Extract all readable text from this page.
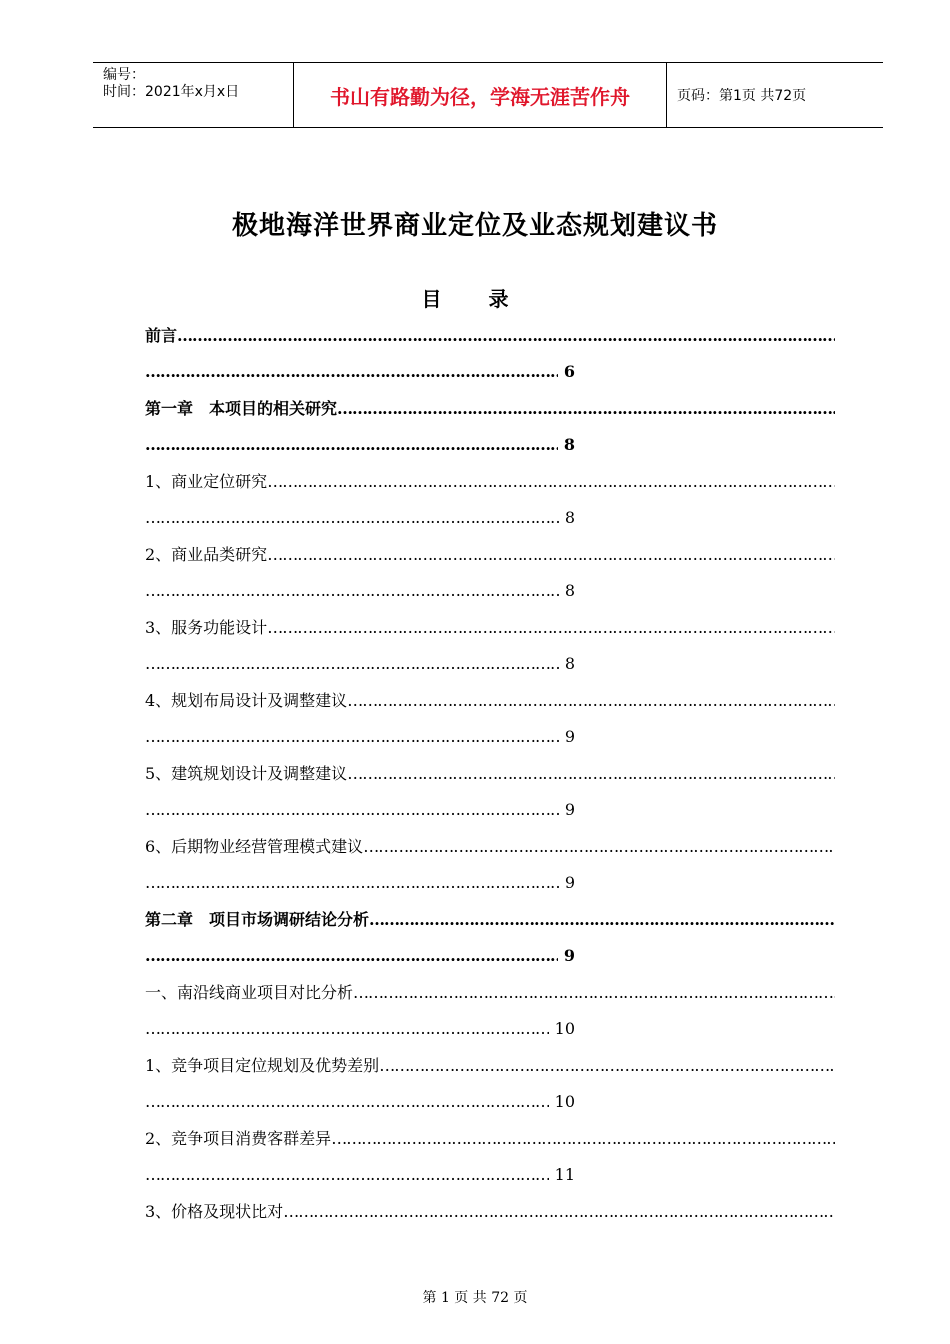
编号：
时间：2021年x月x日	书山有路勤为径，学海无涯苦作舟	页码：第1页 共72页
极地海洋世界商业定位及业态规划建议书
目 录
前言
………………………………………………………………………………………………………………………………………………………
………………………………………………………………………………………………………………………………………………………
6
第一章　本项目的相关研究
………………………………………………………………………………………………………………………………………………………
………………………………………………………………………………………………………………………………………………………
8
1、商业定位研究
………………………………………………………………………………………………………………………………………………………
………………………………………………………………………………………………………………………………………………………
8
2、商业品类研究
………………………………………………………………………………………………………………………………………………………
………………………………………………………………………………………………………………………………………………………
8
3、服务功能设计
………………………………………………………………………………………………………………………………………………………
………………………………………………………………………………………………………………………………………………………
8
4、规划布局设计及调整建议
………………………………………………………………………………………………………………………………………………………
………………………………………………………………………………………………………………………………………………………
9
5、建筑规划设计及调整建议
………………………………………………………………………………………………………………………………………………………
………………………………………………………………………………………………………………………………………………………
9
6、后期物业经营管理模式建议
………………………………………………………………………………………………………………………………………………………
………………………………………………………………………………………………………………………………………………………
9
第二章　项目市场调研结论分析
………………………………………………………………………………………………………………………………………………………
………………………………………………………………………………………………………………………………………………………
9
一、南沿线商业项目对比分析
………………………………………………………………………………………………………………………………………………………
………………………………………………………………………………………………………………………………………………………
10
1、竞争项目定位规划及优势差别
………………………………………………………………………………………………………………………………………………………
………………………………………………………………………………………………………………………………………………………
10
2、竞争项目消费客群差异
………………………………………………………………………………………………………………………………………………………
………………………………………………………………………………………………………………………………………………………
11
3、价格及现状比对
………………………………………………………………………………………………………………………………………………………
第 1 页 共 72 页
